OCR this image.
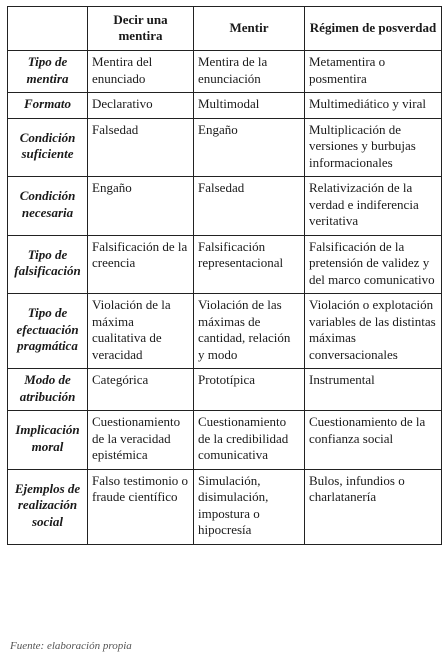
	Decir una mentira	Mentir	Régimen de posverdad
Tipo de mentira	Mentira del enunciado	Mentira de la enunciación	Metamentira o posmentira
Formato	Declarativo	Multimodal	Multimediático y viral
Condición suficiente	Falsedad	Engaño	Multiplicación de versiones y burbujas informacionales
Condición necesaria	Engaño	Falsedad	Relativización de la verdad e indiferencia veritativa
Tipo de falsificación	Falsificación de la creencia	Falsificación representacional	Falsificación de la pretensión de validez y del marco comunicativo
Tipo de efectuación pragmática	Violación de la máxima cualitativa de veracidad	Violación de las máximas de cantidad, relación y modo	Violación o explotación variables de las distintas máximas conversacionales
Modo de atribución	Categórica	Prototípica	Instrumental
Implicación moral	Cuestionamiento de la veracidad epistémica	Cuestionamiento de la credibilidad comunicativa	Cuestionamiento de la confianza social
Ejemplos de realización social	Falso testimonio o fraude científico	Simulación, disimulación, impostura o hipocresía	Bulos, infundios o charlatanería
Fuente: elaboración propia
